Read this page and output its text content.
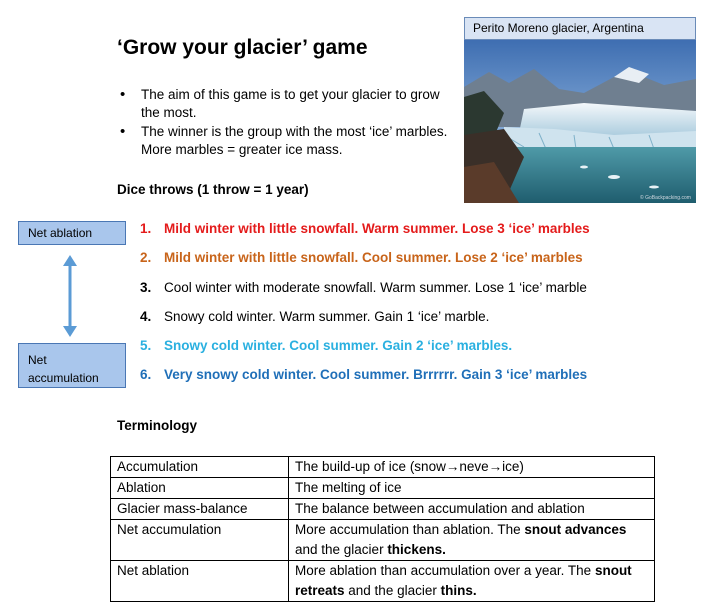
‘Grow your glacier’ game
• The aim of this game is to get your glacier to grow the most.
• The winner is the group with the most ‘ice’ marbles. More marbles = greater ice mass.
Dice throws (1 throw = 1 year)
1. Mild winter with little snowfall. Warm summer. Lose 3 ‘ice’ marbles
2. Mild winter with little snowfall. Cool summer. Lose 2 ‘ice’ marbles
3. Cool winter with moderate snowfall. Warm summer. Lose 1 ‘ice’ marble
4. Snowy cold winter. Warm summer. Gain 1 ‘ice’ marble.
5. Snowy cold winter. Cool summer. Gain 2 ‘ice’ marbles.
6. Very snowy cold winter. Cool summer. Brrrrrr. Gain 3 ‘ice’ marbles
Net ablation
Net
accumulation
Perito Moreno glacier, Argentina
© GoBackpacking.com
Terminology
Accumulation	The build-up of ice (snow→neve→ice)
Ablation	The melting of ice
Glacier mass-balance	The balance between accumulation and ablation
Net accumulation	More accumulation than ablation. The snout advances and the glacier thickens.
Net ablation	More ablation than accumulation over a year. The snout retreats and the glacier thins.
